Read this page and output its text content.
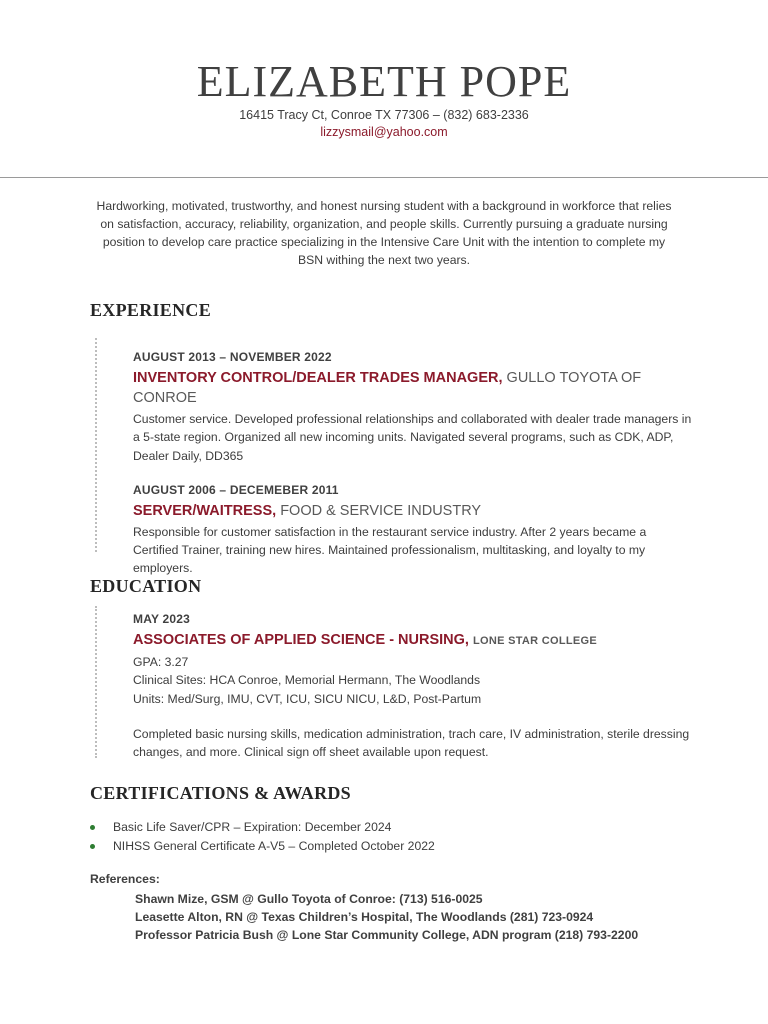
ELIZABETH POPE
16415 Tracy Ct, Conroe TX 77306 – (832) 683-2336
lizzysmail@yahoo.com
Hardworking, motivated, trustworthy, and honest nursing student with a background in workforce that relies on satisfaction, accuracy, reliability, organization, and people skills. Currently pursuing a graduate nursing position to develop care practice specializing in the Intensive Care Unit with the intention to complete my BSN withing the next two years.
EXPERIENCE
AUGUST 2013 – NOVEMBER 2022
INVENTORY CONTROL/DEALER TRADES MANAGER, GULLO TOYOTA OF CONROE
Customer service. Developed professional relationships and collaborated with dealer trade managers in a 5-state region. Organized all new incoming units. Navigated several programs, such as CDK, ADP, Dealer Daily, DD365
AUGUST 2006 – DECEMEBER 2011
SERVER/WAITRESS, FOOD & SERVICE INDUSTRY
Responsible for customer satisfaction in the restaurant service industry. After 2 years became a Certified Trainer, training new hires. Maintained professionalism, multitasking, and loyalty to my employers.
EDUCATION
MAY 2023
ASSOCIATES OF APPLIED SCIENCE - NURSING, LONE STAR COLLEGE
GPA: 3.27
Clinical Sites: HCA Conroe, Memorial Hermann, The Woodlands
Units: Med/Surg, IMU, CVT, ICU, SICU NICU, L&D, Post-Partum
Completed basic nursing skills, medication administration, trach care, IV administration, sterile dressing changes, and more. Clinical sign off sheet available upon request.
CERTIFICATIONS & AWARDS
Basic Life Saver/CPR – Expiration: December 2024
NIHSS General Certificate A-V5 – Completed October 2022
References:
Shawn Mize, GSM @ Gullo Toyota of Conroe: (713) 516-0025
Leasette Alton, RN @ Texas Children’s Hospital, The Woodlands (281) 723-0924
Professor Patricia Bush @ Lone Star Community College, ADN program (218) 793-2200
